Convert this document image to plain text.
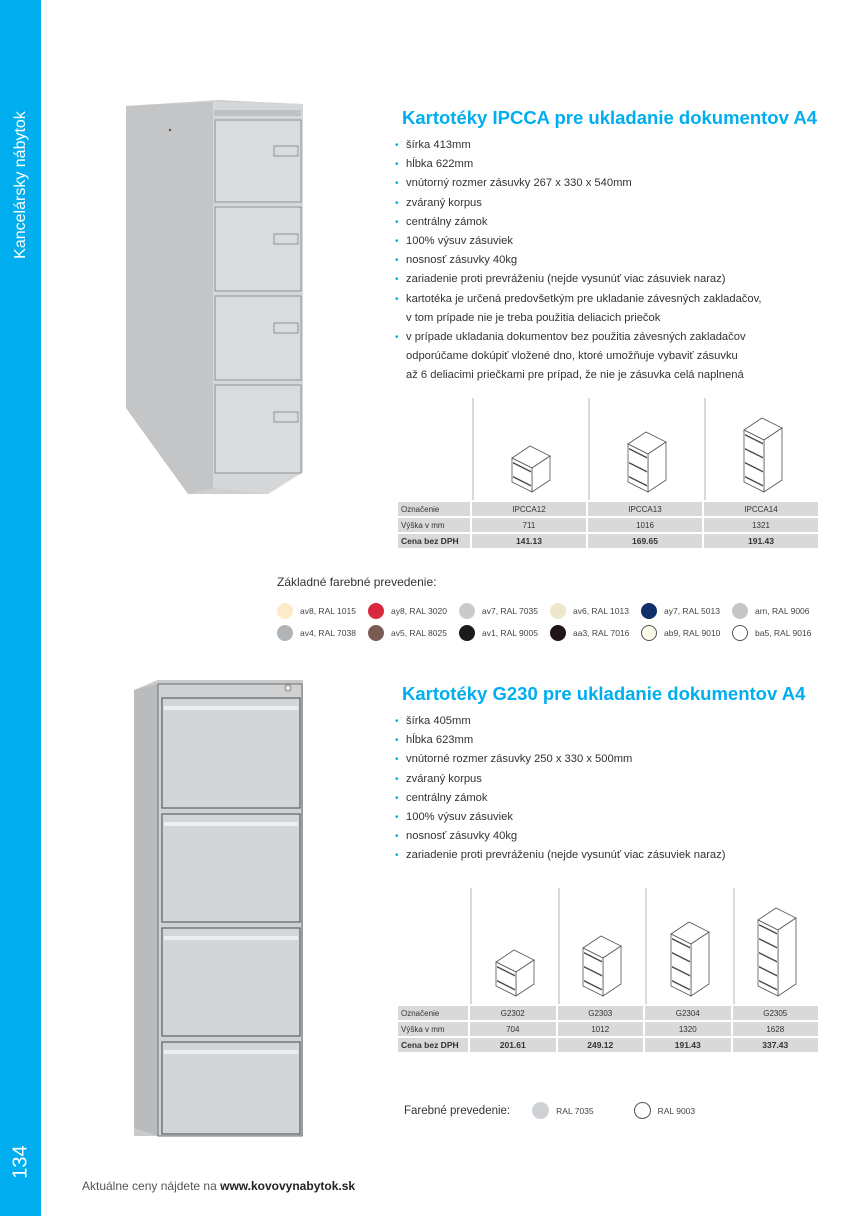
Kancelársky nábytok
134
Kartotéky IPCCA pre ukladanie dokumentov A4
• šírka 413mm
• hĺbka 622mm
• vnútorný rozmer zásuvky 267 x 330 x 540mm
• zváraný korpus
• centrálny zámok
• 100% výsuv zásuviek
• nosnosť zásuvky 40kg
• zariadenie proti prevráženiu (nejde vysunúť viac zásuviek naraz)
• kartotéka je určená predovšetkým pre ukladanie závesných zakladačov,
v tom prípade nie je treba použitia deliacich priečok
• v prípade ukladania dokumentov bez použitia závesných zakladačov
odporúčame dokúpiť vložené dno, ktoré umožňuje vybaviť zásuvku
až 6 deliacimi priečkami pre prípad, že nie je zásuvka celá naplnená

Označenie	IPCCA12	IPCCA13	IPCCA14
Výška v mm	711	1016	1321
Cena bez DPH	141.13	169.65	191.43
Základné farebné prevedenie:
av8, RAL 1015	ay8, RAL 3020	av7, RAL 7035	av6, RAL 1013	ay7, RAL 5013	arn, RAL 9006
av4, RAL 7038	av5, RAL 8025	av1, RAL 9005	aa3, RAL 7016	ab9, RAL 9010	ba5, RAL 9016
Kartotéky G230 pre ukladanie dokumentov A4
• šírka 405mm
• hĺbka 623mm
• vnútorné rozmer zásuvky 250 x 330 x 500mm
• zváraný korpus
• centrálny zámok
• 100% výsuv zásuviek
• nosnosť zásuvky 40kg
• zariadenie proti prevráženiu (nejde vysunúť viac zásuviek naraz)

Označenie	G2302	G2303	G2304	G2305
Výška v mm	704	1012	1320	1628
Cena bez DPH	201.61	249.12	191.43	337.43
Farebné prevedenie:	RAL 7035	RAL 9003
Aktuálne ceny nájdete na www.kovovynabytok.sk
